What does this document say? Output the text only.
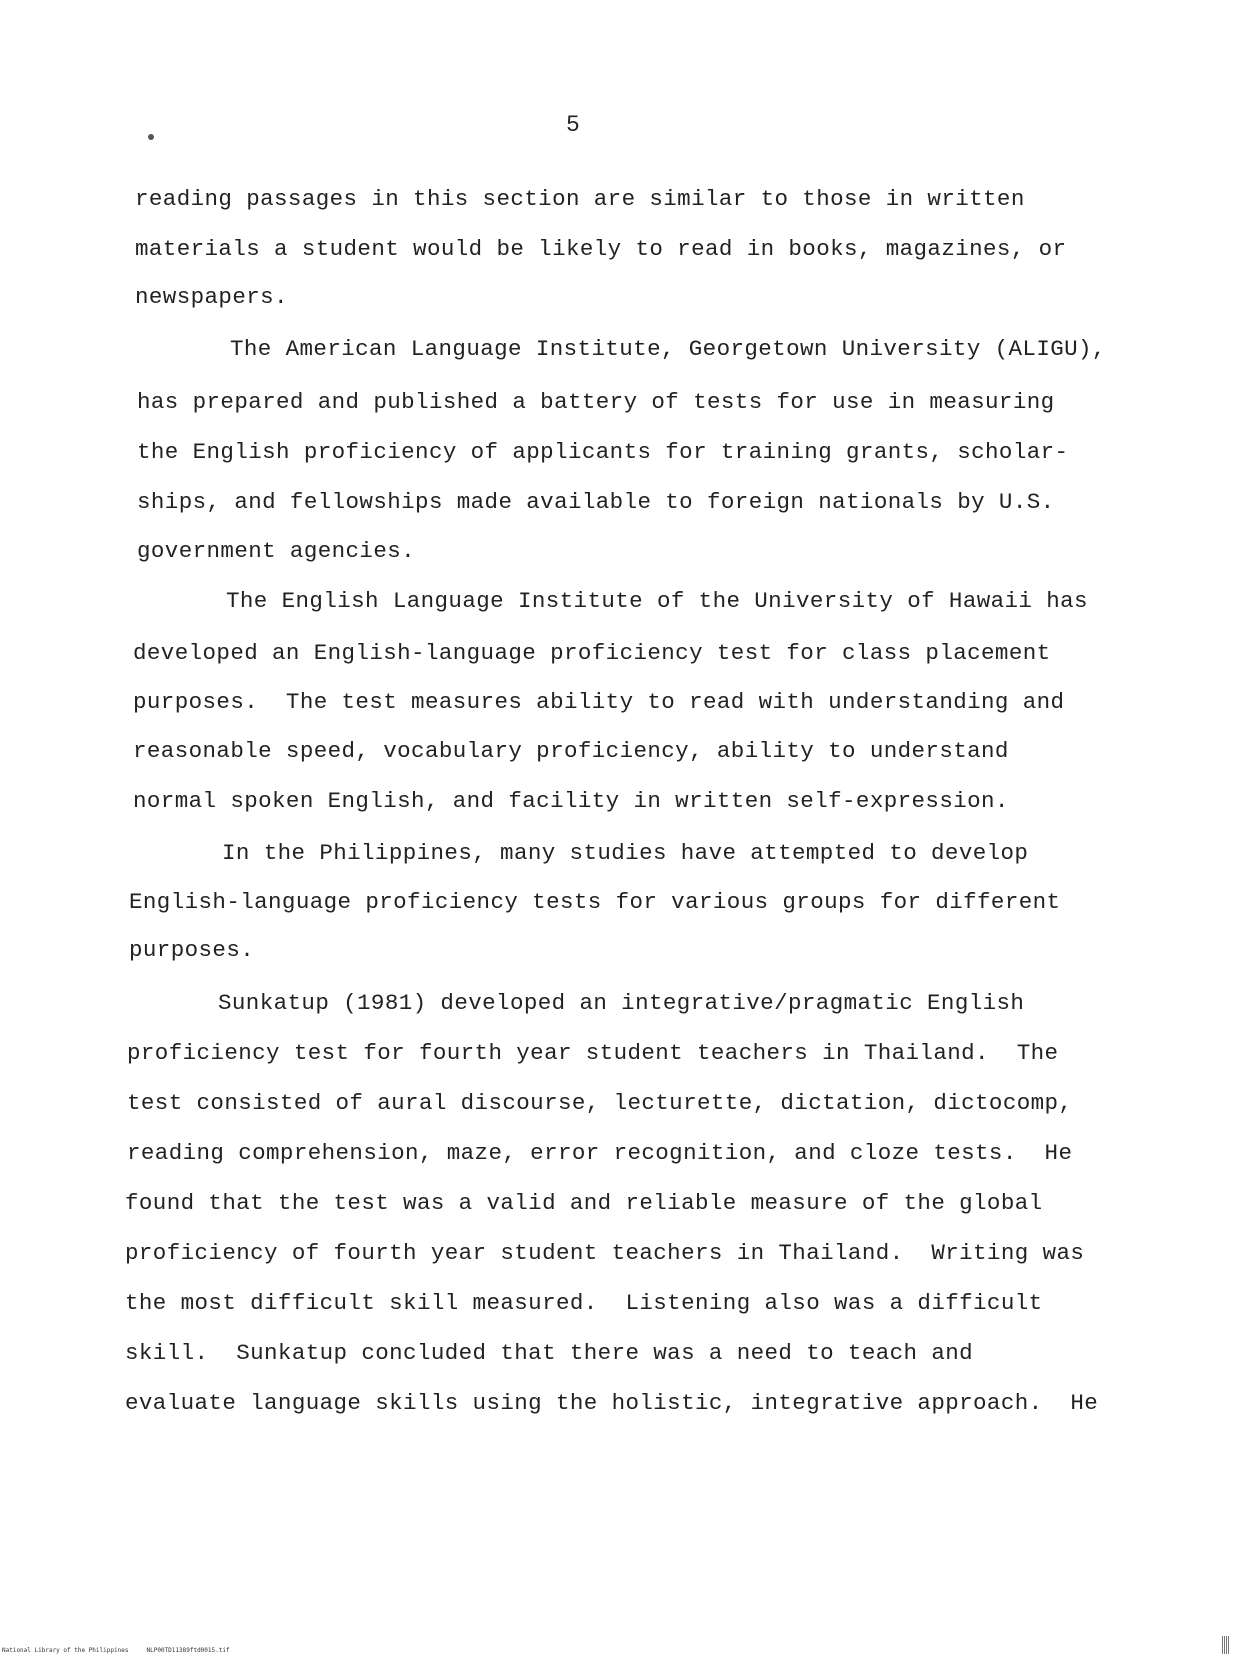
5
reading passages in this section are similar to those in written
materials a student would be likely to read in books, magazines, or
newspapers.
The American Language Institute, Georgetown University (ALIGU),
has prepared and published a battery of tests for use in measuring
the English proficiency of applicants for training grants, scholar-
ships, and fellowships made available to foreign nationals by U.S.
government agencies.
The English Language Institute of the University of Hawaii has
developed an English-language proficiency test for class placement
purposes.  The test measures ability to read with understanding and
reasonable speed, vocabulary proficiency, ability to understand
normal spoken English, and facility in written self-expression.
In the Philippines, many studies have attempted to develop
English-language proficiency tests for various groups for different
purposes.
Sunkatup (1981) developed an integrative/pragmatic English
proficiency test for fourth year student teachers in Thailand.  The
test consisted of aural discourse, lecturette, dictation, dictocomp,
reading comprehension, maze, error recognition, and cloze tests.  He
found that the test was a valid and reliable measure of the global
proficiency of fourth year student teachers in Thailand.  Writing was
the most difficult skill measured.  Listening also was a difficult
skill.  Sunkatup concluded that there was a need to teach and
evaluate language skills using the holistic, integrative approach.  He
National Library of the Philippines	NLP00TD11389ftd0015.tif
